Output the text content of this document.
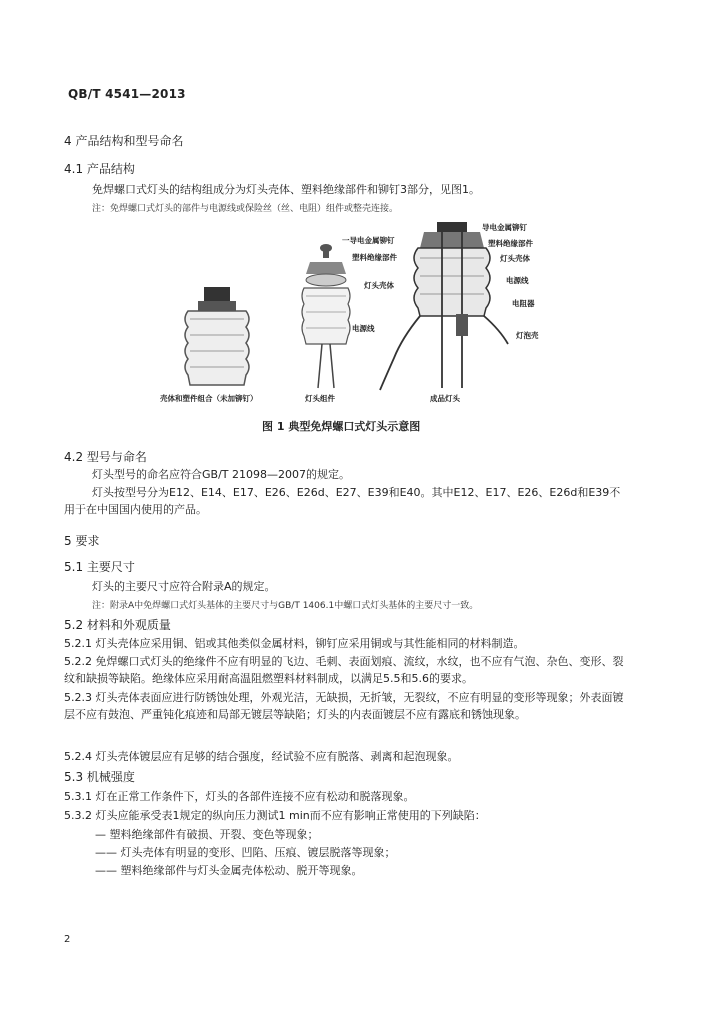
QB/T 4541—2013
4 产品结构和型号命名
4.1 产品结构
免焊螺口式灯头的结构组成分为灯头壳体、塑料绝缘部件和铆钉3部分，见图1。
注：免焊螺口式灯头的部件与电源线或保险丝（丝、电阻）组件或整壳连接。
壳体和塑件组合（未加铆钉）
一导电金属铆钉
塑料绝缘部件
灯头壳体
电源线
灯头组件
导电金属铆钉
塑料绝缘部件
灯头壳体
电源线
电阻器
灯泡壳
成品灯头
图 1 典型免焊螺口式灯头示意图
4.2 型号与命名
灯头型号的命名应符合GB/T 21098—2007的规定。
灯头按型号分为E12、E14、E17、E26、E26d、E27、E39和E40。其中E12、E17、E26、E26d和E39不用于在中国国内使用的产品。
5 要求
5.1 主要尺寸
灯头的主要尺寸应符合附录A的规定。
注：附录A中免焊螺口式灯头基体的主要尺寸与GB/T 1406.1中螺口式灯头基体的主要尺寸一致。
5.2 材料和外观质量
5.2.1 灯头壳体应采用铜、铝或其他类似金属材料，铆钉应采用铜或与其性能相同的材料制造。
5.2.2 免焊螺口式灯头的绝缘件不应有明显的飞边、毛刺、表面划痕、流纹，水纹，也不应有气泡、杂色、变形、裂纹和缺损等缺陷。绝缘体应采用耐高温阻燃塑料材料制成，以满足5.5和5.6的要求。
5.2.3 灯头壳体表面应进行防锈蚀处理，外观光洁，无缺损，无折皱，无裂纹，不应有明显的变形等现象；外表面镀层不应有鼓泡、严重钝化痕迹和局部无镀层等缺陷；灯头的内表面镀层不应有露底和锈蚀现象。
5.2.4 灯头壳体镀层应有足够的结合强度，经试验不应有脱落、剥离和起泡现象。
5.3 机械强度
5.3.1 灯在正常工作条件下，灯头的各部件连接不应有松动和脱落现象。
5.3.2 灯头应能承受表1规定的纵向压力测试1 min而不应有影响正常使用的下列缺陷：
— 塑料绝缘部件有破损、开裂、变色等现象；
—— 灯头壳体有明显的变形、凹陷、压痕、镀层脱落等现象；
—— 塑料绝缘部件与灯头金属壳体松动、脱开等现象。
2
